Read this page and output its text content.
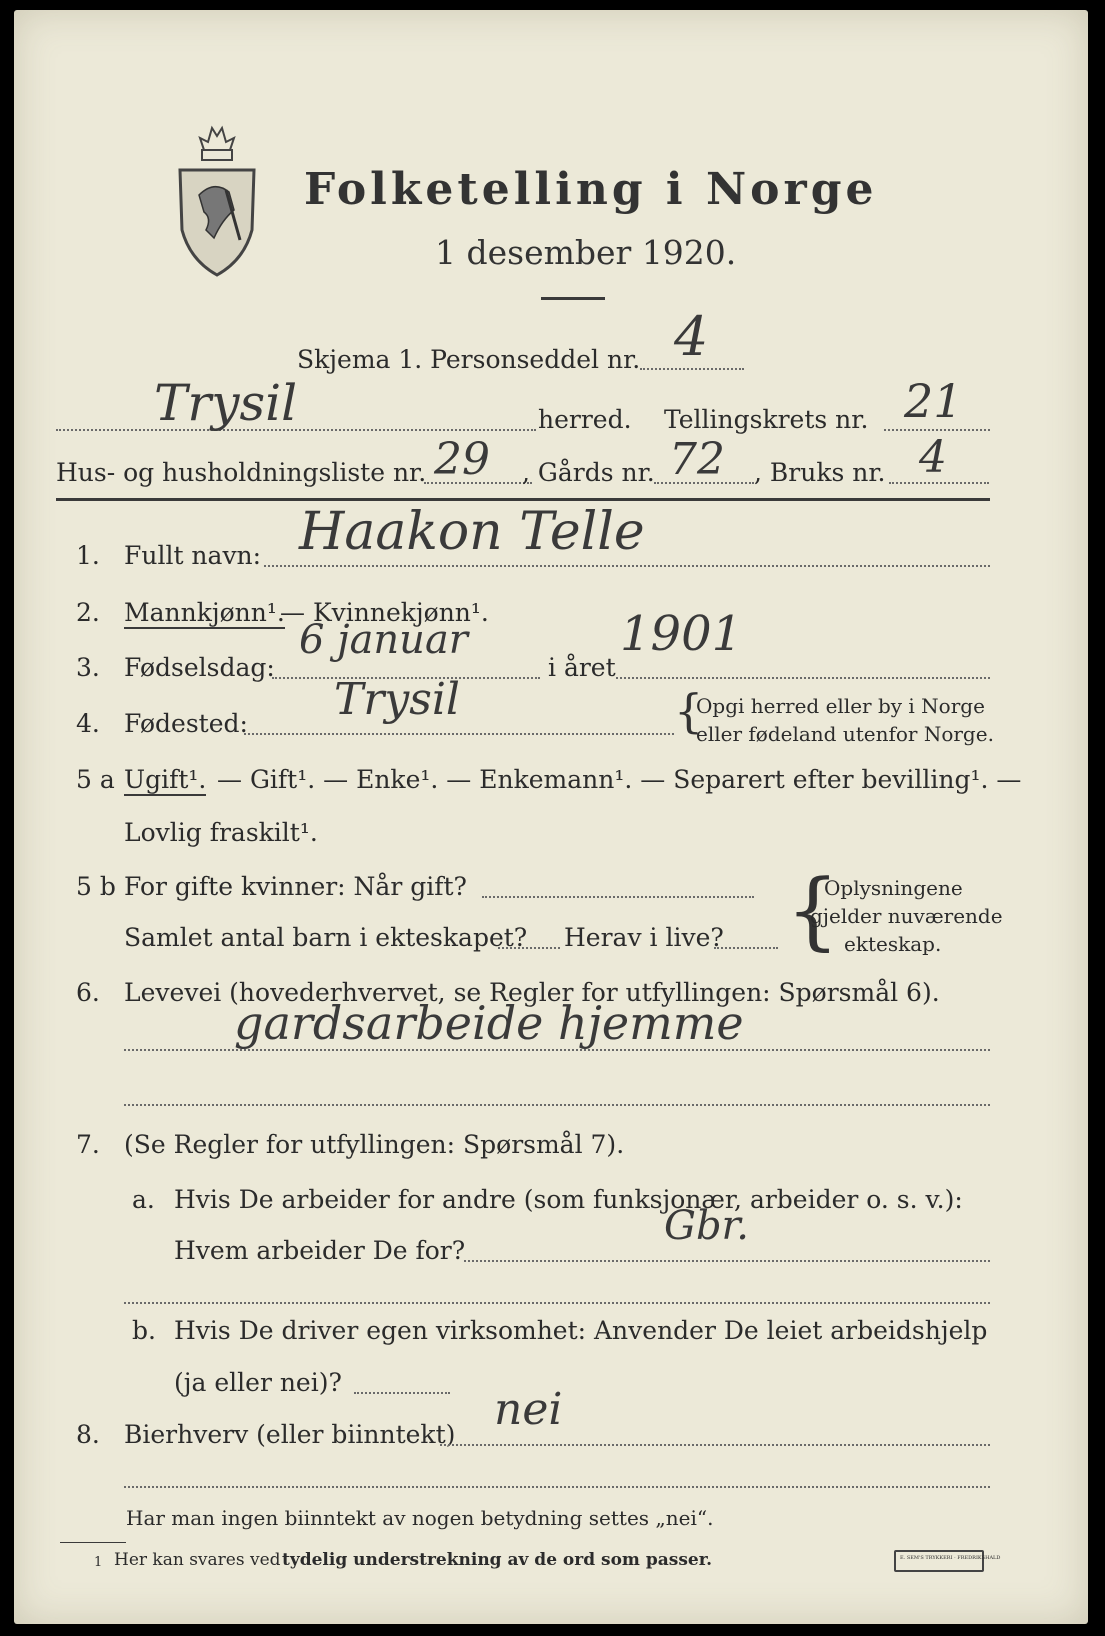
Folketelling i Norge
1 desember 1920.
Skjema 1. Personseddel nr. 4
Trysil	herred. Tellingskrets nr. 21
Hus- og husholdningsliste nr. 29 , Gårds nr. 72 , Bruks nr. 4
1. Fullt navn: Haakon Telle
2. Mannkjønn¹.
— Kvinnekjønn¹.
3. Fødselsdag:
6 januar
i året
1901
4. Fødested: Trysil	{
Opgi herred eller by i Norge
eller fødeland utenfor Norge.
5 a Ugift¹. — Gift¹. — Enke¹. — Enkemann¹. — Separert efter bevilling¹. —
Lovlig fraskilt¹.
5 b For gifte kvinner: Når gift?
Samlet antal barn i ekteskapet? Herav i live? {
Oplysningene
gjelder nuværende
ekteskap.
6. Levevei (hovederhvervet, se Regler for utfyllingen: Spørsmål 6).
gardsarbeide hjemme
7. (Se Regler for utfyllingen: Spørsmål 7).
a. Hvis De arbeider for andre (som funksjonær, arbeider o. s. v.):
Hvem arbeider De for?
Gbr.
b. Hvis De driver egen virksomhet: Anvender De leiet arbeidshjelp
(ja eller nei)?
8. Bierhverv (eller biinntekt) nei
Har man ingen biinntekt av nogen betydning settes „nei“.
1 Her kan svares ved tydelig understrekning av de ord som passer.	E. SEM'S TRYKKERI · FREDRIKSHALD
